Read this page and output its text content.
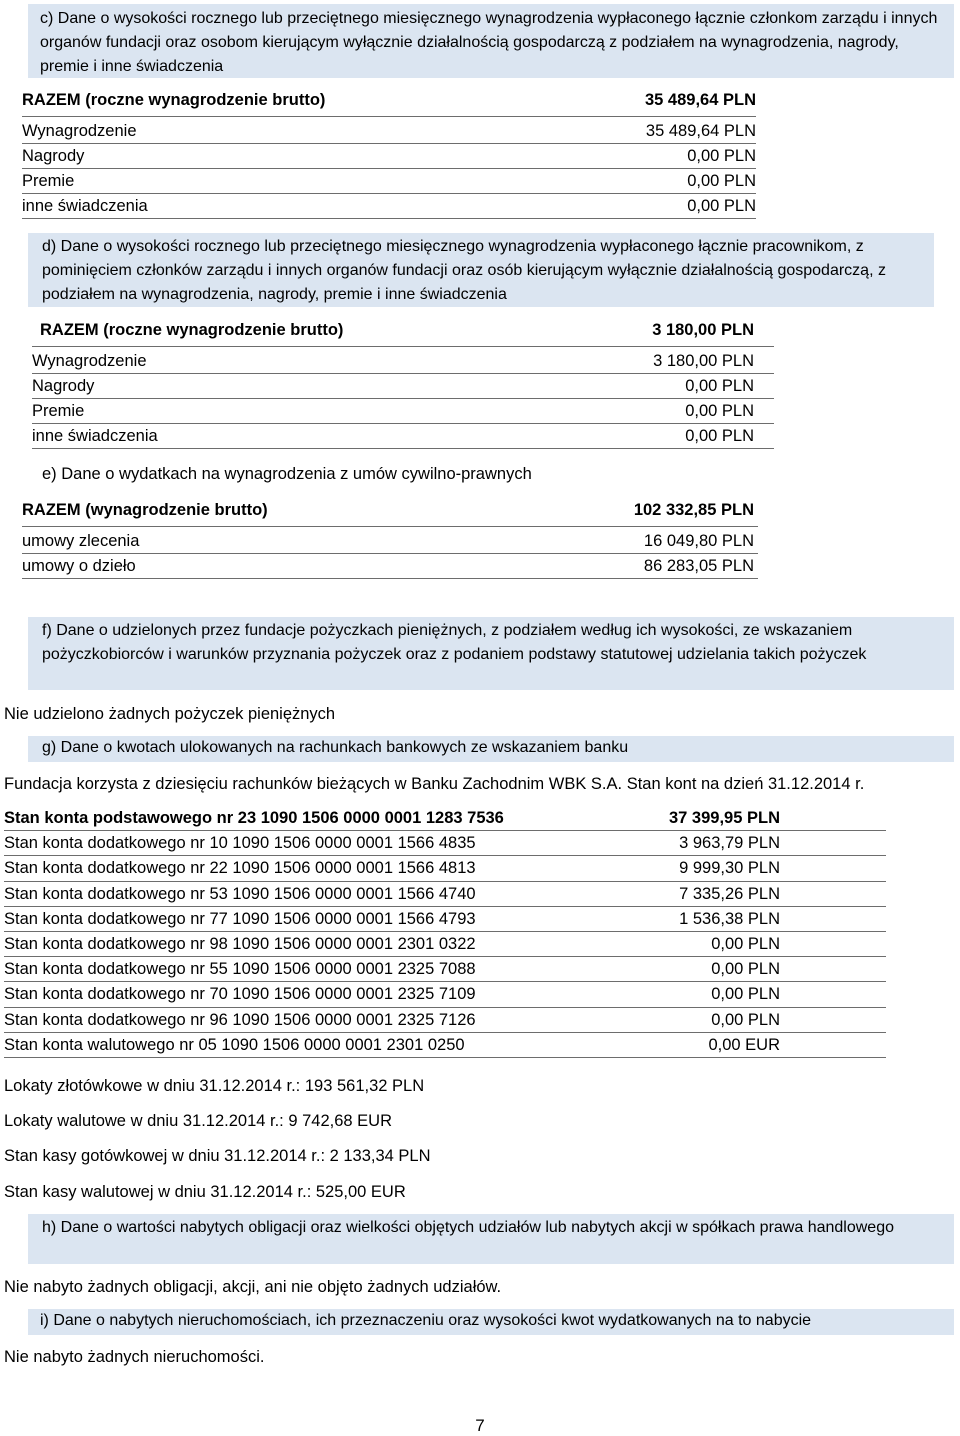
c) Dane o wysokości rocznego lub przeciętnego miesięcznego wynagrodzenia wypłaconego łącznie członkom zarządu i innych organów fundacji oraz osobom kierującym wyłącznie działalnością gospodarczą z podziałem na wynagrodzenia, nagrody, premie i inne świadczenia
RAZEM (roczne wynagrodzenie brutto)	35 489,64 PLN
Wynagrodzenie	35 489,64 PLN
Nagrody	0,00 PLN
Premie	0,00 PLN
inne świadczenia	0,00 PLN
d) Dane o wysokości rocznego lub przeciętnego miesięcznego wynagrodzenia wypłaconego łącznie pracownikom, z pominięciem członków zarządu i innych organów fundacji oraz osób kierującym wyłącznie działalnością gospodarczą, z podziałem na wynagrodzenia, nagrody, premie i inne świadczenia
RAZEM (roczne wynagrodzenie brutto)	3 180,00 PLN
Wynagrodzenie	3 180,00 PLN
Nagrody	0,00 PLN
Premie	0,00 PLN
inne świadczenia	0,00 PLN
e) Dane o wydatkach na wynagrodzenia z umów cywilno-prawnych
RAZEM (wynagrodzenie brutto)	102 332,85 PLN
umowy zlecenia	16 049,80 PLN
umowy o dzieło	86 283,05 PLN
f) Dane o udzielonych przez fundacje pożyczkach pieniężnych, z podziałem według ich wysokości, ze wskazaniem pożyczkobiorców i warunków przyznania pożyczek oraz z podaniem podstawy statutowej udzielania takich pożyczek
Nie udzielono żadnych pożyczek pieniężnych
g) Dane o kwotach ulokowanych na rachunkach bankowych ze wskazaniem banku
Fundacja korzysta z dziesięciu rachunków bieżących w Banku Zachodnim WBK S.A. Stan kont na dzień 31.12.2014 r.
Stan konta podstawowego nr 23 1090 1506 0000 0001 1283 7536	37 399,95 PLN
Stan konta dodatkowego nr 10 1090 1506 0000 0001 1566 4835	3 963,79 PLN
Stan konta dodatkowego nr 22 1090 1506 0000 0001 1566 4813	9 999,30 PLN
Stan konta dodatkowego nr 53 1090 1506 0000 0001 1566 4740	7 335,26 PLN
Stan konta dodatkowego nr 77 1090 1506 0000 0001 1566 4793	1 536,38 PLN
Stan konta dodatkowego nr 98 1090 1506 0000 0001 2301 0322	0,00 PLN
Stan konta dodatkowego nr 55 1090 1506 0000 0001 2325 7088	0,00 PLN
Stan konta dodatkowego nr 70 1090 1506 0000 0001 2325 7109	0,00 PLN
Stan konta dodatkowego nr 96 1090 1506 0000 0001 2325 7126	0,00 PLN
Stan konta walutowego nr 05 1090 1506 0000 0001 2301 0250	0,00 EUR
Lokaty złotówkowe w dniu 31.12.2014 r.: 193 561,32 PLN
Lokaty walutowe w dniu 31.12.2014 r.: 9 742,68 EUR
Stan kasy gotówkowej w dniu 31.12.2014 r.: 2 133,34 PLN
Stan kasy walutowej w dniu 31.12.2014 r.: 525,00 EUR
h) Dane o wartości nabytych obligacji oraz wielkości objętych udziałów lub nabytych akcji w spółkach prawa handlowego
Nie nabyto żadnych obligacji, akcji, ani nie objęto żadnych udziałów.
i) Dane o nabytych nieruchomościach, ich przeznaczeniu oraz wysokości kwot wydatkowanych na to nabycie
Nie nabyto żadnych nieruchomości.
7
